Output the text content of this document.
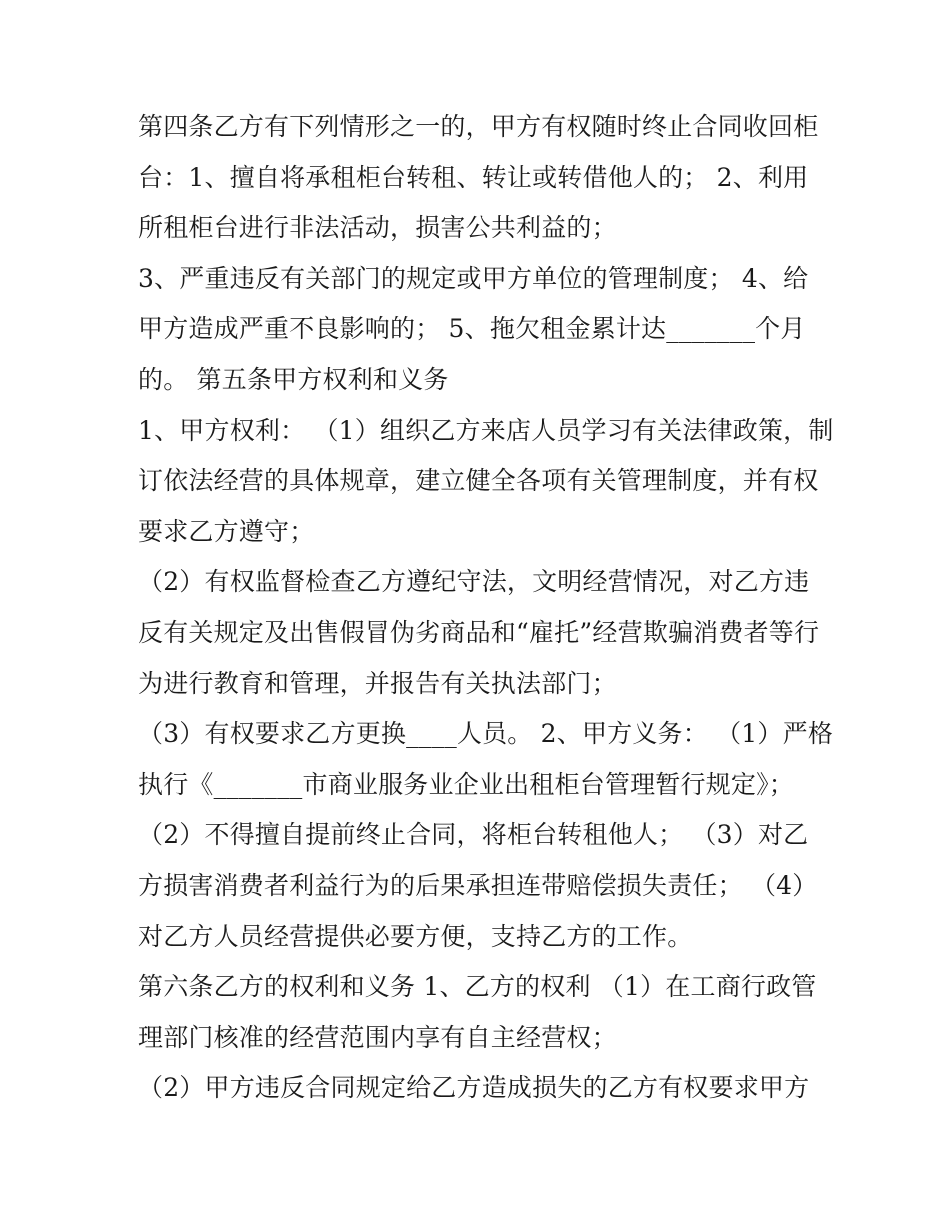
第四条乙方有下列情形之一的，甲方有权随时终止合同收回柜
台：1、擅自将承租柜台转租、转让或转借他人的； 2、利用
所租柜台进行非法活动，损害公共利益的；
3、严重违反有关部门的规定或甲方单位的管理制度； 4、给
甲方造成严重不良影响的； 5、拖欠租金累计达_______个月
的。 第五条甲方权利和义务
1、甲方权利： （1）组织乙方来店人员学习有关法律政策，制
订依法经营的具体规章，建立健全各项有关管理制度，并有权
要求乙方遵守；
（2）有权监督检查乙方遵纪守法，文明经营情况，对乙方违
反有关规定及出售假冒伪劣商品和“雇托”经营欺骗消费者等行
为进行教育和管理，并报告有关执法部门；
（3）有权要求乙方更换____人员。 2、甲方义务： （1）严格
执行《_______市商业服务业企业出租柜台管理暂行规定》；
（2）不得擅自提前终止合同，将柜台转租他人； （3）对乙
方损害消费者利益行为的后果承担连带赔偿损失责任； （4）
对乙方人员经营提供必要方便，支持乙方的工作。
第六条乙方的权利和义务 1、乙方的权利 （1）在工商行政管
理部门核准的经营范围内享有自主经营权；
（2）甲方违反合同规定给乙方造成损失的乙方有权要求甲方
